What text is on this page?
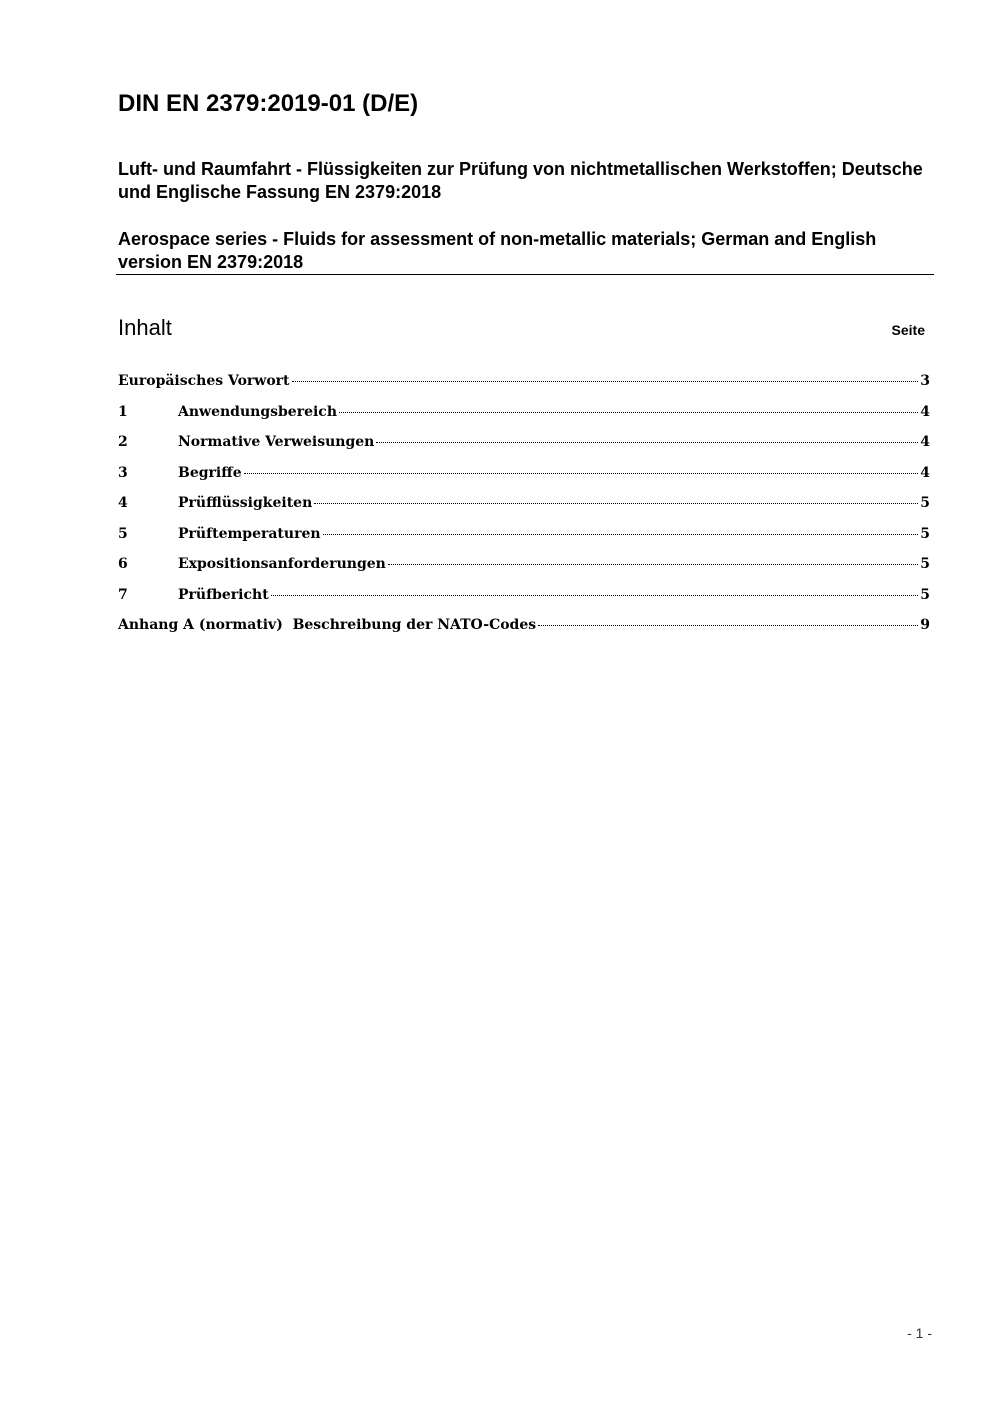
DIN EN 2379:2019-01 (D/E)

Luft- und Raumfahrt - Flüssigkeiten zur Prüfung von nichtmetallischen Werkstoffen; Deutsche und Englische Fassung EN 2379:2018

Aerospace series - Fluids for assessment of non-metallic materials; German and English version EN 2379:2018

Inhalt	Seite
Europäisches Vorwort	3
1	Anwendungsbereich	4
2	Normative Verweisungen	4
3	Begriffe	4
4	Prüfflüssigkeiten	5
5	Prüftemperaturen	5
6	Expositionsanforderungen	5
7	Prüfbericht	5
Anhang A (normativ)  Beschreibung der NATO-Codes	9
- 1 -
